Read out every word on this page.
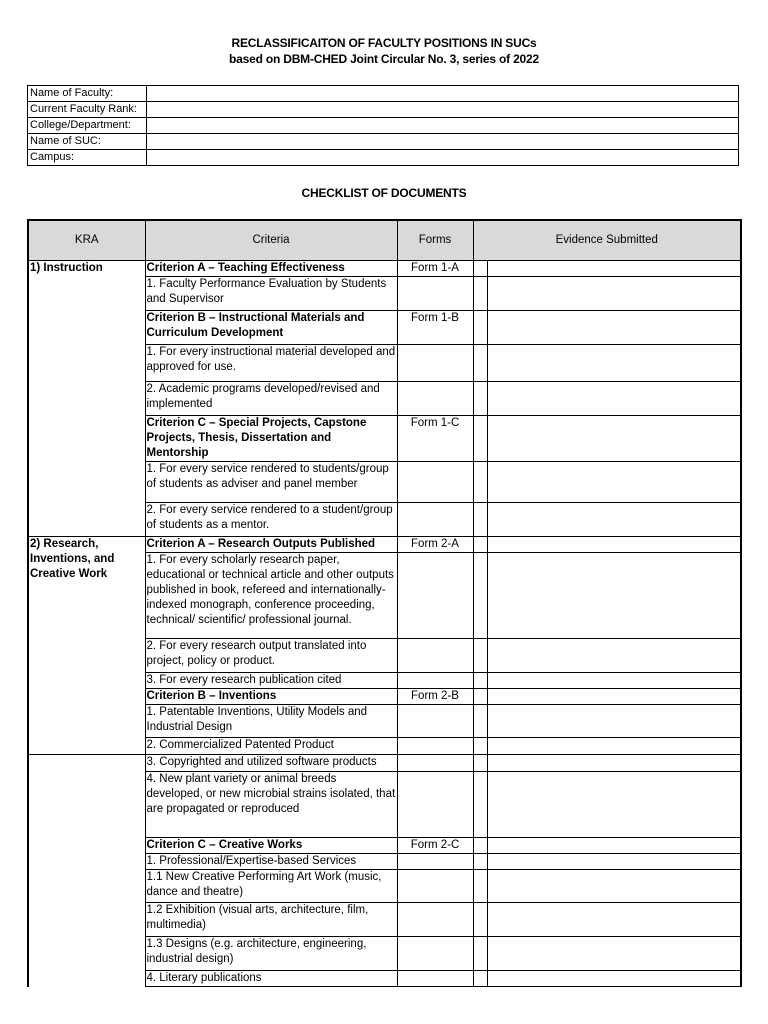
RECLASSIFICAITON OF FACULTY POSITIONS IN SUCs
based on DBM-CHED Joint Circular No. 3, series of 2022
Name of Faculty:	
Current Faculty Rank:	
College/Department:	
Name of SUC:	
Campus:	
CHECKLIST OF DOCUMENTS
KRA	Criteria	Forms	Evidence Submitted	
1) Instruction	Criterion A – Teaching Effectiveness	Form 1-A		
	1. Faculty Performance Evaluation by Students and Supervisor			
	Criterion B – Instructional Materials and Curriculum Development	Form 1-B		
	1. For every instructional material developed and approved for use.			
	2. Academic programs developed/revised and implemented			
	Criterion C – Special Projects, Capstone Projects, Thesis, Dissertation and Mentorship	Form 1-C		
	1. For every service rendered to students/group of students as adviser and panel member			
	2. For every service rendered to a student/group of students as a mentor.			
2) Research, Inventions, and Creative Work	Criterion A – Research Outputs Published	Form 2-A		
	1. For every scholarly research paper, educational or technical article and other outputs published in book, refereed and internationally-indexed monograph, conference proceeding, technical/ scientific/ professional journal.			
	2. For every research output translated into project, policy or product.			
	3. For every research publication cited			
	Criterion B – Inventions	Form 2-B		
	1. Patentable Inventions, Utility Models and Industrial Design			
	2. Commercialized Patented Product			
	3. Copyrighted and utilized software products			
	4. New plant variety or animal breeds developed, or new microbial strains isolated, that are propagated or reproduced			
	Criterion C – Creative Works	Form 2-C		
	1. Professional/Expertise-based Services			
	1.1 New Creative Performing Art Work (music, dance and theatre)			
	1.2 Exhibition (visual arts, architecture, film, multimedia)			
	1.3 Designs (e.g. architecture, engineering, industrial design)			
	4. Literary publications			
